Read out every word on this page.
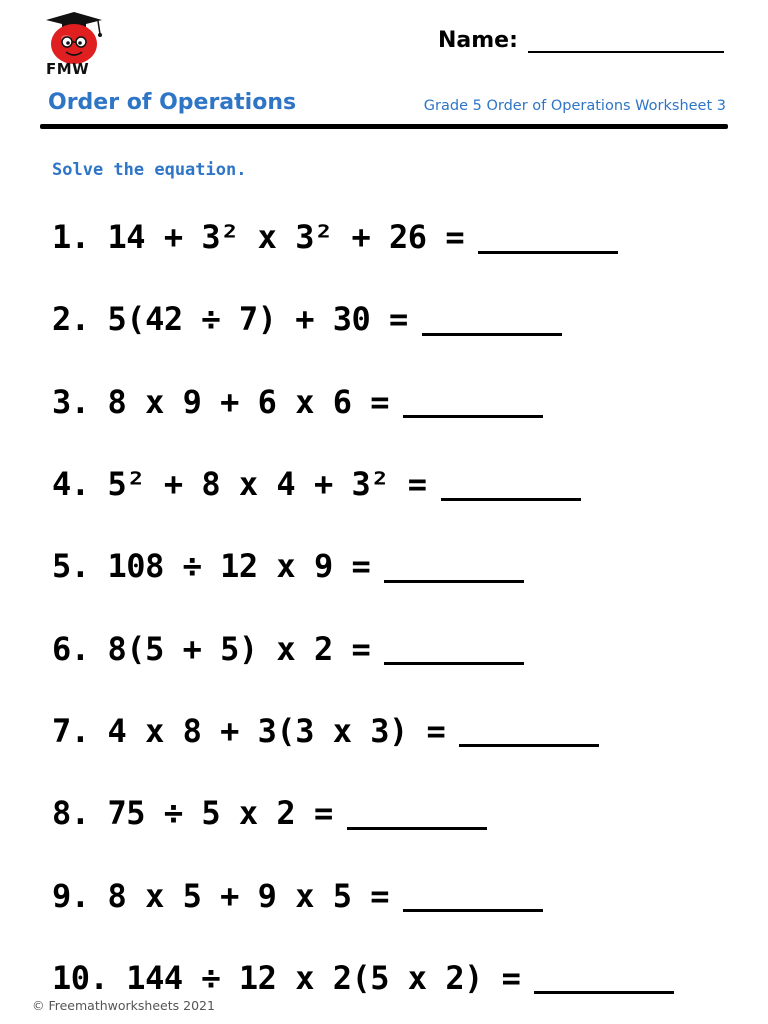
FMW
Name:
Order of Operations	Grade 5 Order of Operations Worksheet 3
Solve the equation.
1. 14 + 3² x 3² + 26 =
2. 5(42 ÷ 7) + 30 =
3. 8 x 9 + 6 x 6 =
4. 5² + 8 x 4 + 3² =
5. 108 ÷ 12 x 9 =
6. 8(5 + 5) x 2 =
7. 4 x 8 + 3(3 x 3) =
8. 75 ÷ 5 x 2 =
9. 8 x 5 + 9 x 5 =
10. 144 ÷ 12 x 2(5 x 2) =
© Freemathworksheets 2021
